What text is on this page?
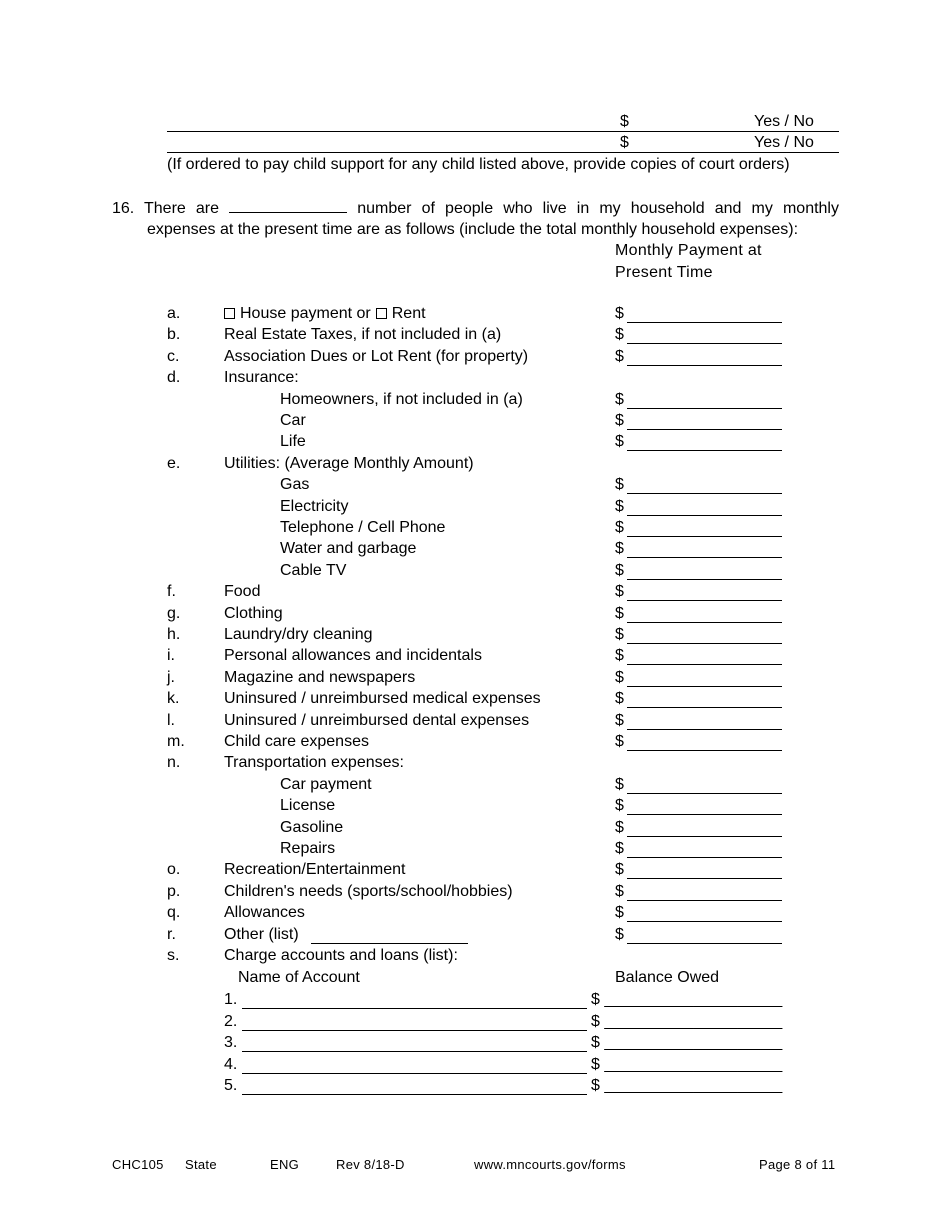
$	Yes / No
$	Yes / No
(If ordered to pay child support for any child listed above, provide copies of court orders)
16. There are	number of people who live in my household and my monthly
expenses at the present time are as follows (include the total monthly household expenses):
Monthly Payment at
Present Time
a.	House payment or Rent	$
b.	Real Estate Taxes, if not included in (a)	$
c.	Association Dues or Lot Rent (for property)	$
d.	Insurance:
Homeowners, if not included in (a)	$
Car	$
Life	$
e.	Utilities: (Average Monthly Amount)
Gas	$
Electricity	$
Telephone / Cell Phone	$
Water and garbage	$
Cable TV	$
f.	Food	$
g.	Clothing	$
h.	Laundry/dry cleaning	$
i.	Personal allowances and incidentals	$
j.	Magazine and newspapers	$
k.	Uninsured / unreimbursed medical expenses	$
l.	Uninsured / unreimbursed dental expenses	$
m. Child care expenses	$
n.	Transportation expenses:
Car payment	$
License	$
Gasoline	$
Repairs	$
o.	Recreation/Entertainment	$
p.	Children's needs (sports/school/hobbies)	$
q.	Allowances	$
r.	Other (list)	$
s.	Charge accounts and loans (list):
Name of Account	Balance Owed
1.	$ ____________________
2.	$ ____________________
3.	$ ____________________
4.	$ ____________________
5.	$ ____________________
CHC105 State	ENG	Rev 8/18-D	www.mncourts.gov/forms	Page 8 of 11
